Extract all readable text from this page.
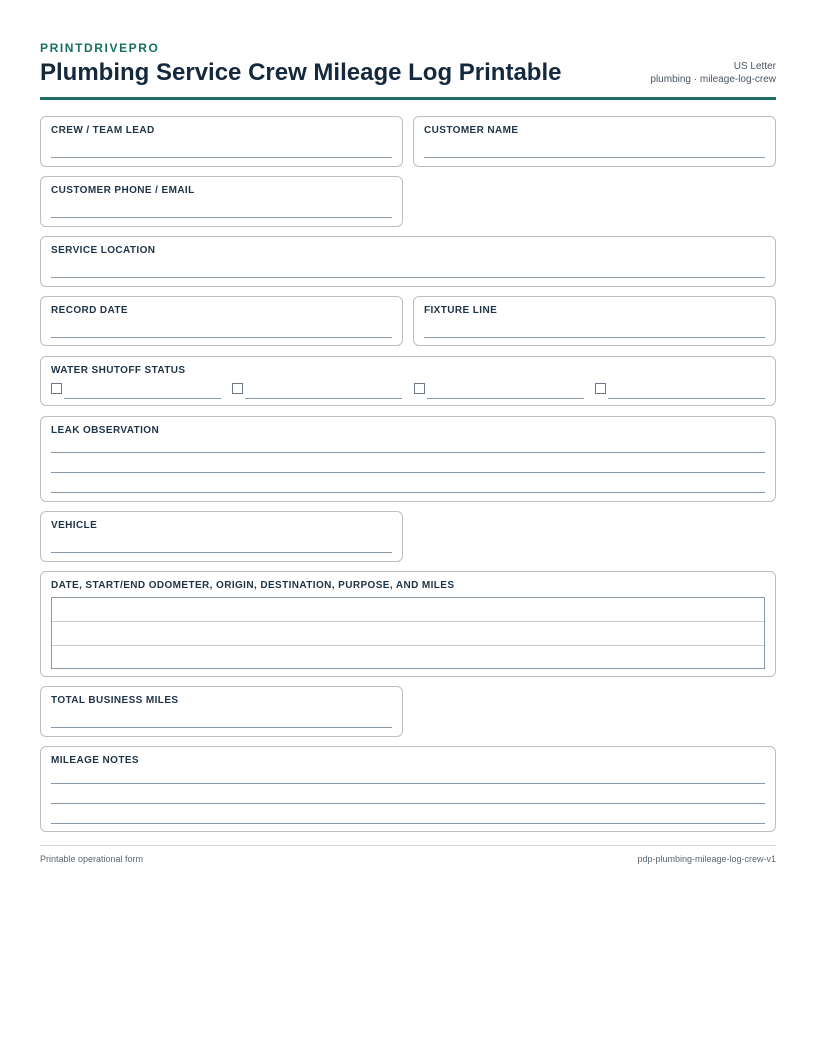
PRINTDRIVEPRO
Plumbing Service Crew Mileage Log Printable	US Letter
plumbing · mileage-log-crew
CREW / TEAM LEAD	CUSTOMER NAME
CUSTOMER PHONE / EMAIL
SERVICE LOCATION
RECORD DATE	FIXTURE LINE
WATER SHUTOFF STATUS
LEAK OBSERVATION
VEHICLE
DATE, START/END ODOMETER, ORIGIN, DESTINATION, PURPOSE, AND MILES
TOTAL BUSINESS MILES
MILEAGE NOTES
Printable operational form	pdp-plumbing-mileage-log-crew-v1
